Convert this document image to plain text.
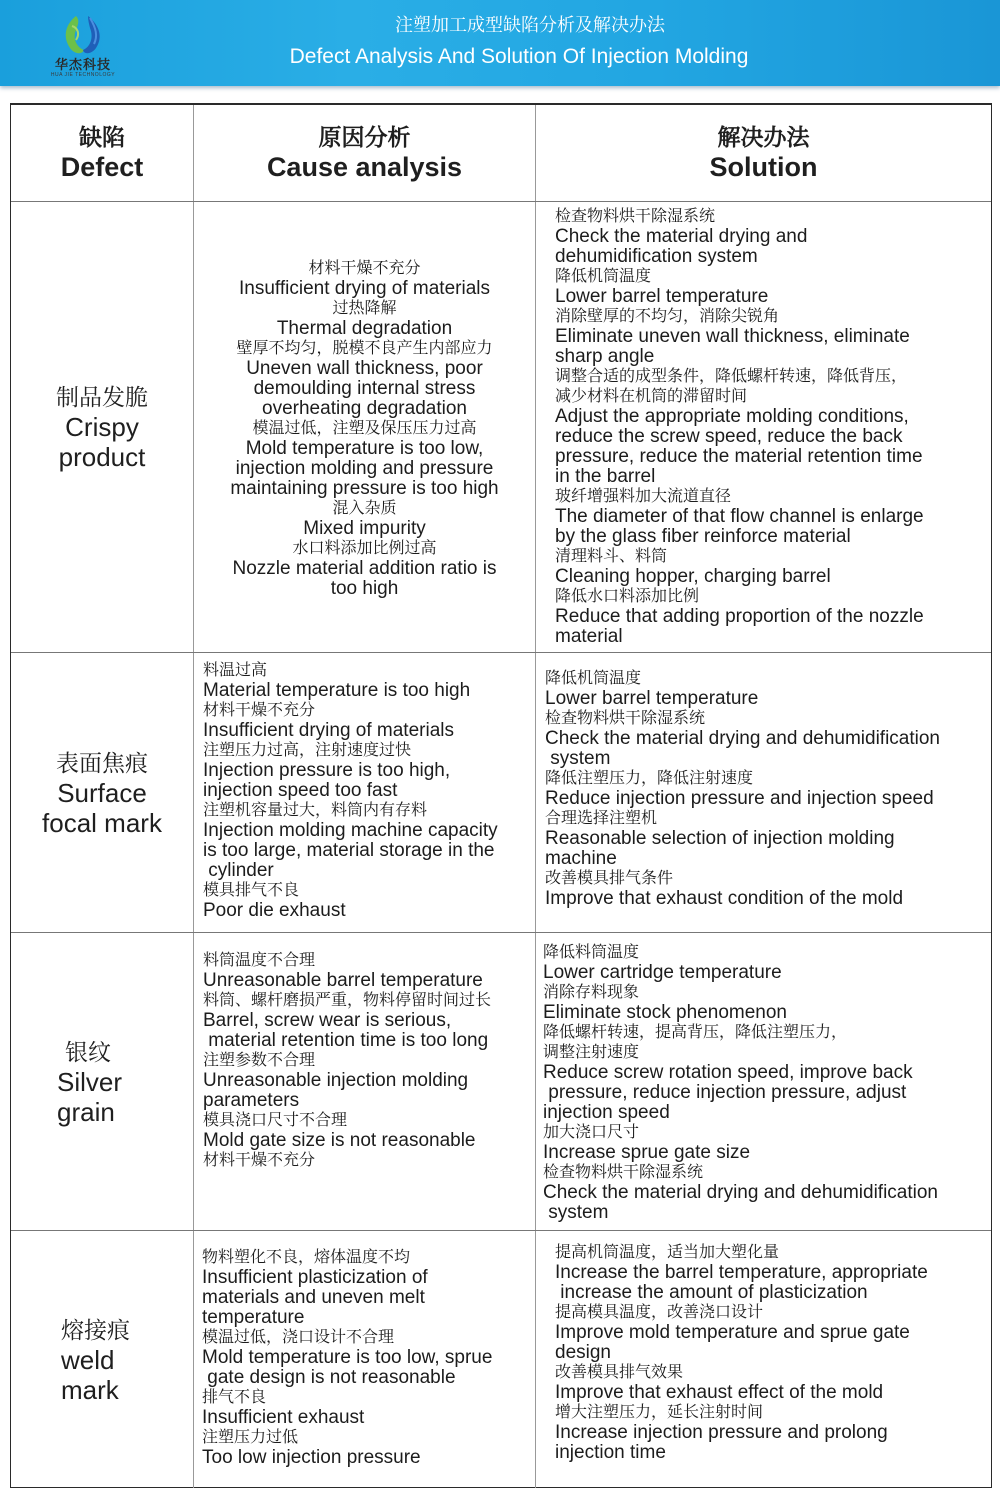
华杰科技
HUA JIE TECHNOLOGY
注塑加工成型缺陷分析及解决办法
Defect Analysis And Solution Of Injection Molding
缺陷
Defect
原因分析
Cause analysis
解决办法
Solution
制品发脆
Crispy
product
材料干燥不充分
Insufficient drying of materials
过热降解
Thermal degradation
壁厚不均匀，脱模不良产生内部应力
Uneven wall thickness, poor
demoulding internal stress
overheating degradation
模温过低，注塑及保压压力过高
Mold temperature is too low,
injection molding and pressure
maintaining pressure is too high
混入杂质
Mixed impurity
水口料添加比例过高
Nozzle material addition ratio is
too high
检查物料烘干除湿系统
Check the material drying and
dehumidification system
降低机筒温度
Lower barrel temperature
消除壁厚的不均匀，消除尖锐角
Eliminate uneven wall thickness, eliminate
sharp angle
调整合适的成型条件，降低螺杆转速，降低背压，
减少材料在机筒的滞留时间
Adjust the appropriate molding conditions,
reduce the screw speed, reduce the back
pressure, reduce the material retention time
in the barrel
玻纤增强料加大流道直径
The diameter of that flow channel is enlarge
by the glass fiber reinforce material
清理料斗、料筒
Cleaning hopper, charging barrel
降低水口料添加比例
Reduce that adding proportion of the nozzle
material
表面焦痕
Surface
focal mark
料温过高
Material temperature is too high
材料干燥不充分
Insufficient drying of materials
注塑压力过高，注射速度过快
Injection pressure is too high,
injection speed too fast
注塑机容量过大，料筒内有存料
Injection molding machine capacity
is too large, material storage in the
cylinder
模具排气不良
Poor die exhaust
降低机筒温度
Lower barrel temperature
检查物料烘干除湿系统
Check the material drying and dehumidification
system
降低注塑压力，降低注射速度
Reduce injection pressure and injection speed
合理选择注塑机
Reasonable selection of injection molding
machine
改善模具排气条件
Improve that exhaust condition of the mold
银纹
Silver
grain
料筒温度不合理
Unreasonable barrel temperature
料筒、螺杆磨损严重，物料停留时间过长
Barrel, screw wear is serious,
material retention time is too long
注塑参数不合理
Unreasonable injection molding
parameters
模具浇口尺寸不合理
Mold gate size is not reasonable
材料干燥不充分
降低料筒温度
Lower cartridge temperature
消除存料现象
Eliminate stock phenomenon
降低螺杆转速，提高背压，降低注塑压力，
调整注射速度
Reduce screw rotation speed, improve back
pressure, reduce injection pressure, adjust
injection speed
加大浇口尺寸
Increase sprue gate size
检查物料烘干除湿系统
Check the material drying and dehumidification
system
熔接痕
weld
mark
物料塑化不良，熔体温度不均
Insufficient plasticization of
materials and uneven melt
temperature
模温过低，浇口设计不合理
Mold temperature is too low, sprue
gate design is not reasonable
排气不良
Insufficient exhaust
注塑压力过低
Too low injection pressure
提高机筒温度，适当加大塑化量
Increase the barrel temperature, appropriate
increase the amount of plasticization
提高模具温度，改善浇口设计
Improve mold temperature and sprue gate
design
改善模具排气效果
Improve that exhaust effect of the mold
增大注塑压力，延长注射时间
Increase injection pressure and prolong
injection time
